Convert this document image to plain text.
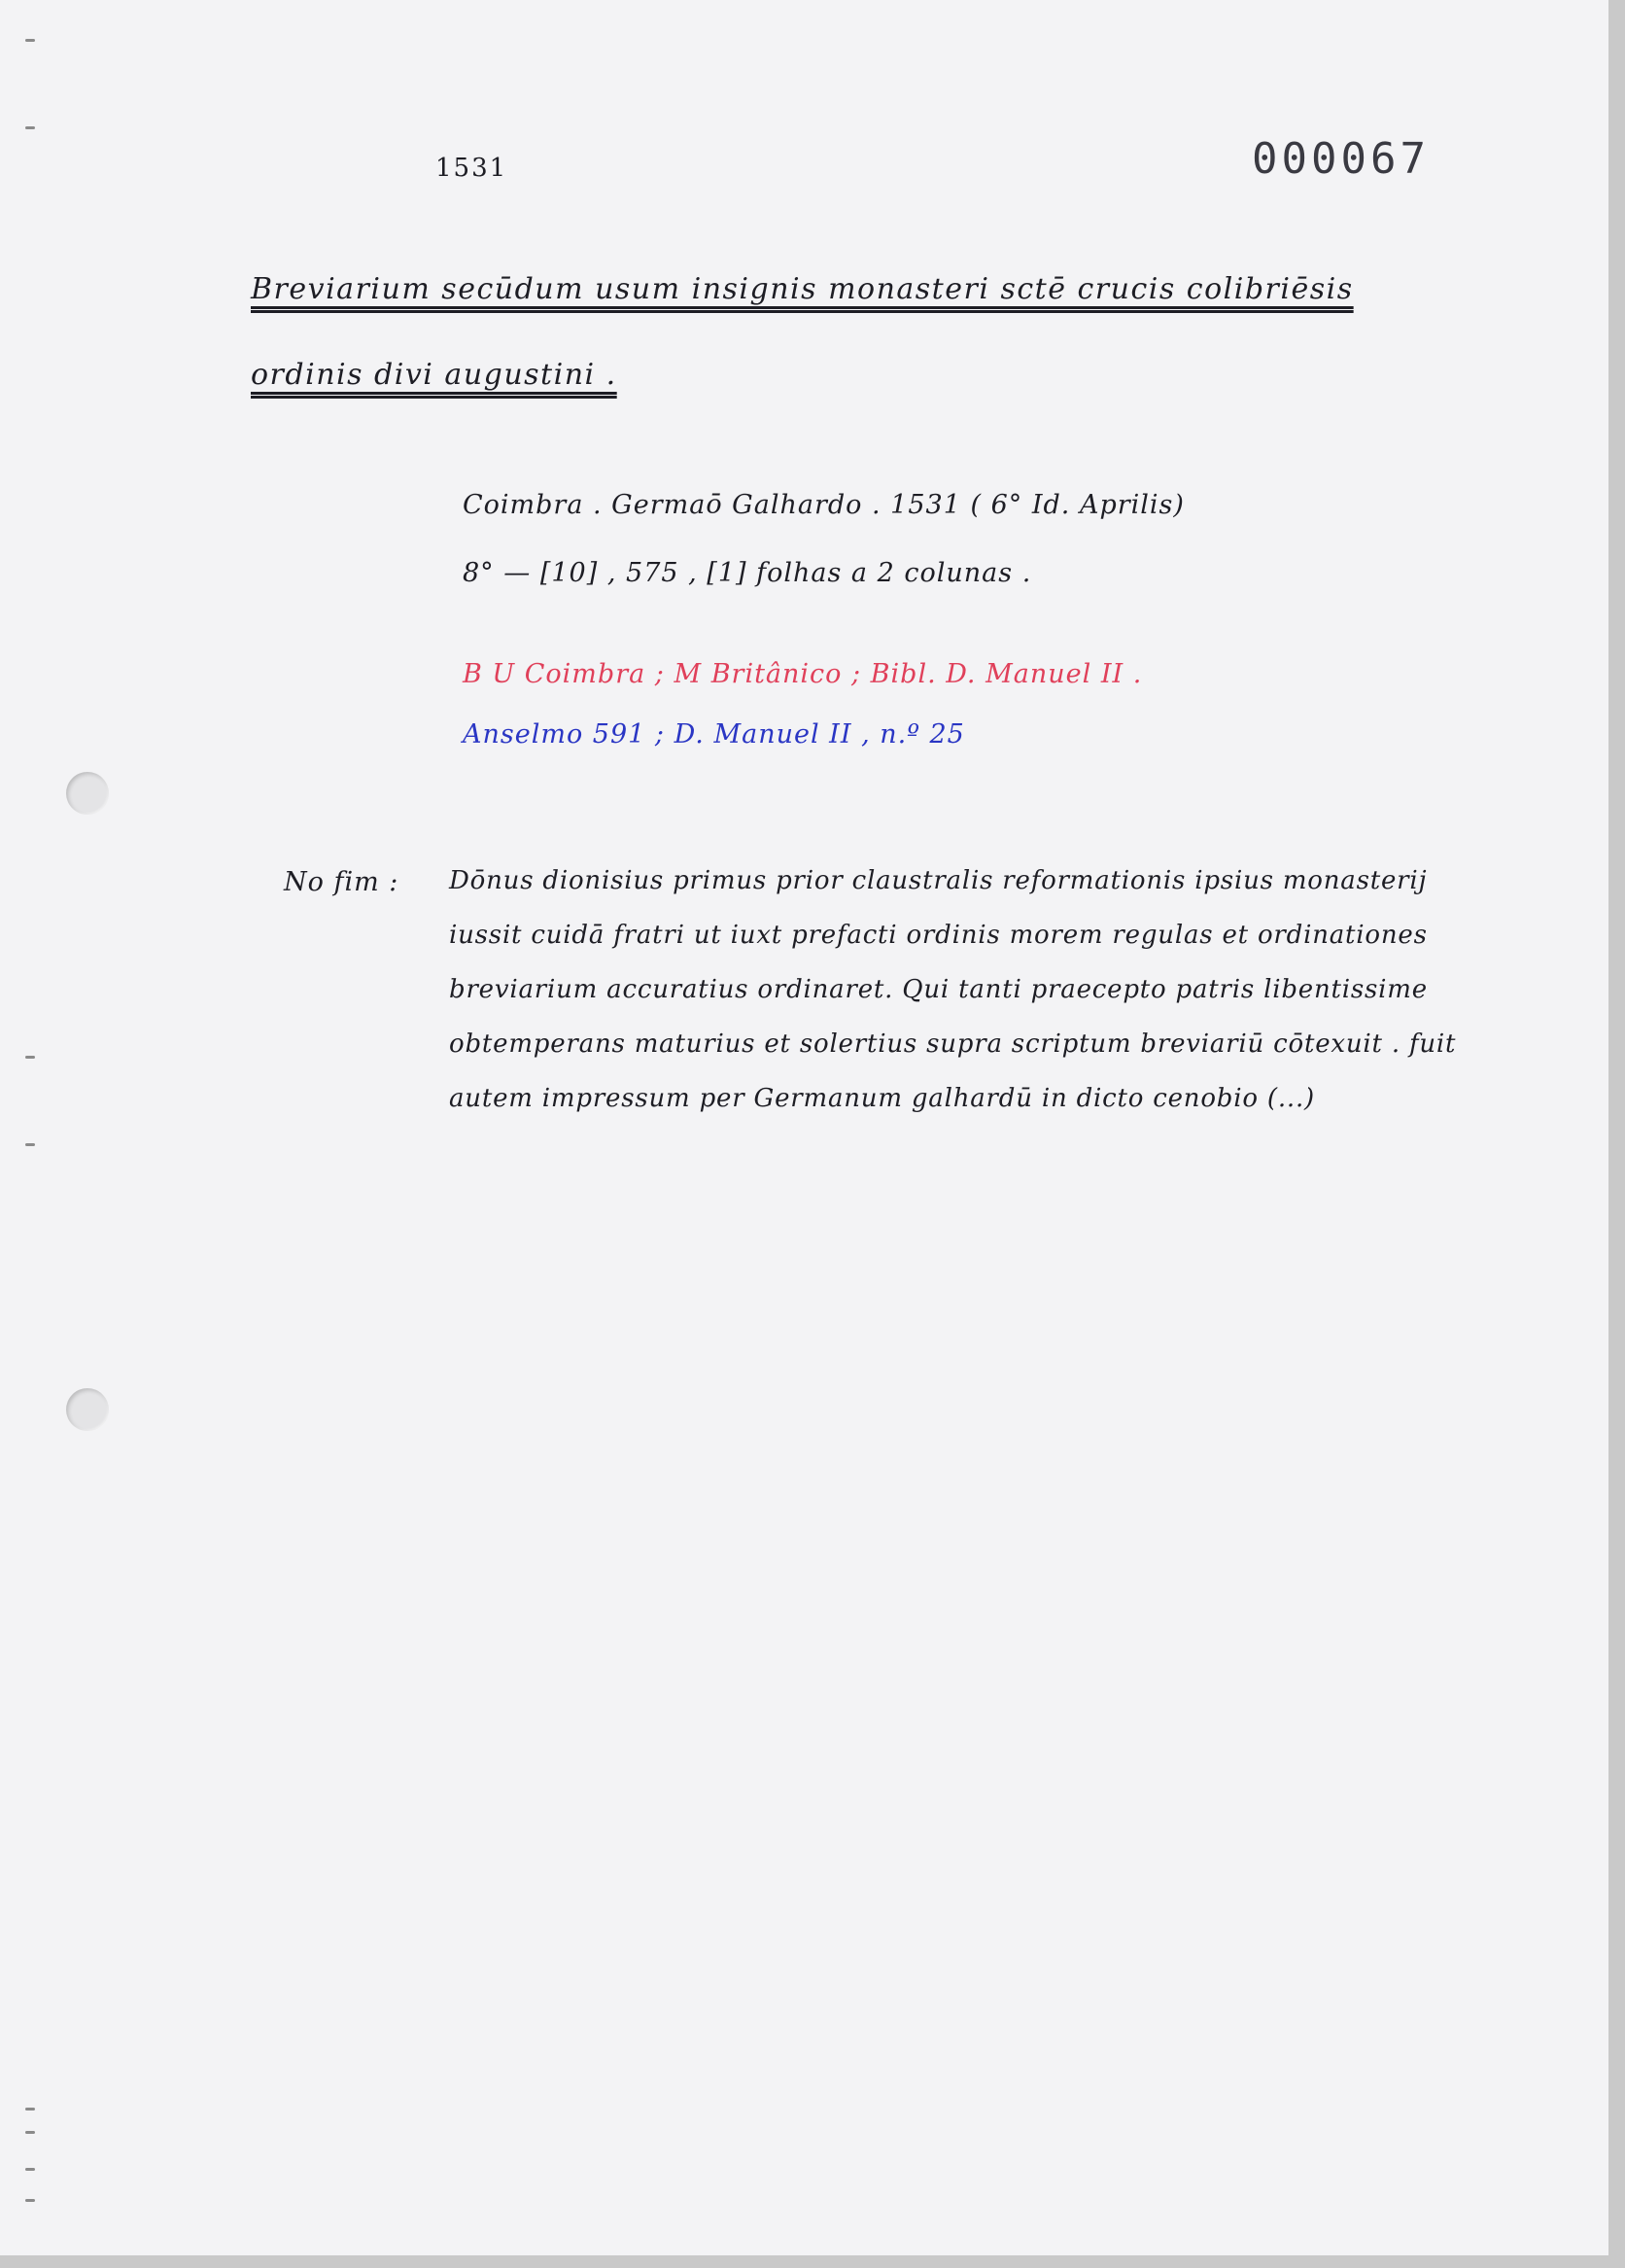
1531	000067
Breviarium secūdum usum insignis monasteri sctē crucis colibriēsis
ordinis divi augustini .
Coimbra . Germaō Galhardo . 1531 ( 6° Id. Aprilis)
8° — [10] , 575 , [1] folhas a 2 colunas .
B U Coimbra ; M Britânico ; Bibl. D. Manuel II .
Anselmo 591 ; D. Manuel II , n.º 25
No fim : Dōnus dionisius primus prior claustralis reformationis ipsius monasterij
iussit cuidā fratri ut iuxt prefacti ordinis morem regulas et ordinationes
breviarium accuratius ordinaret. Qui tanti praecepto patris libentissime
obtemperans maturius et solertius supra scriptum breviariū cōtexuit . fuit
autem impressum per Germanum galhardū in dicto cenobio (...)
